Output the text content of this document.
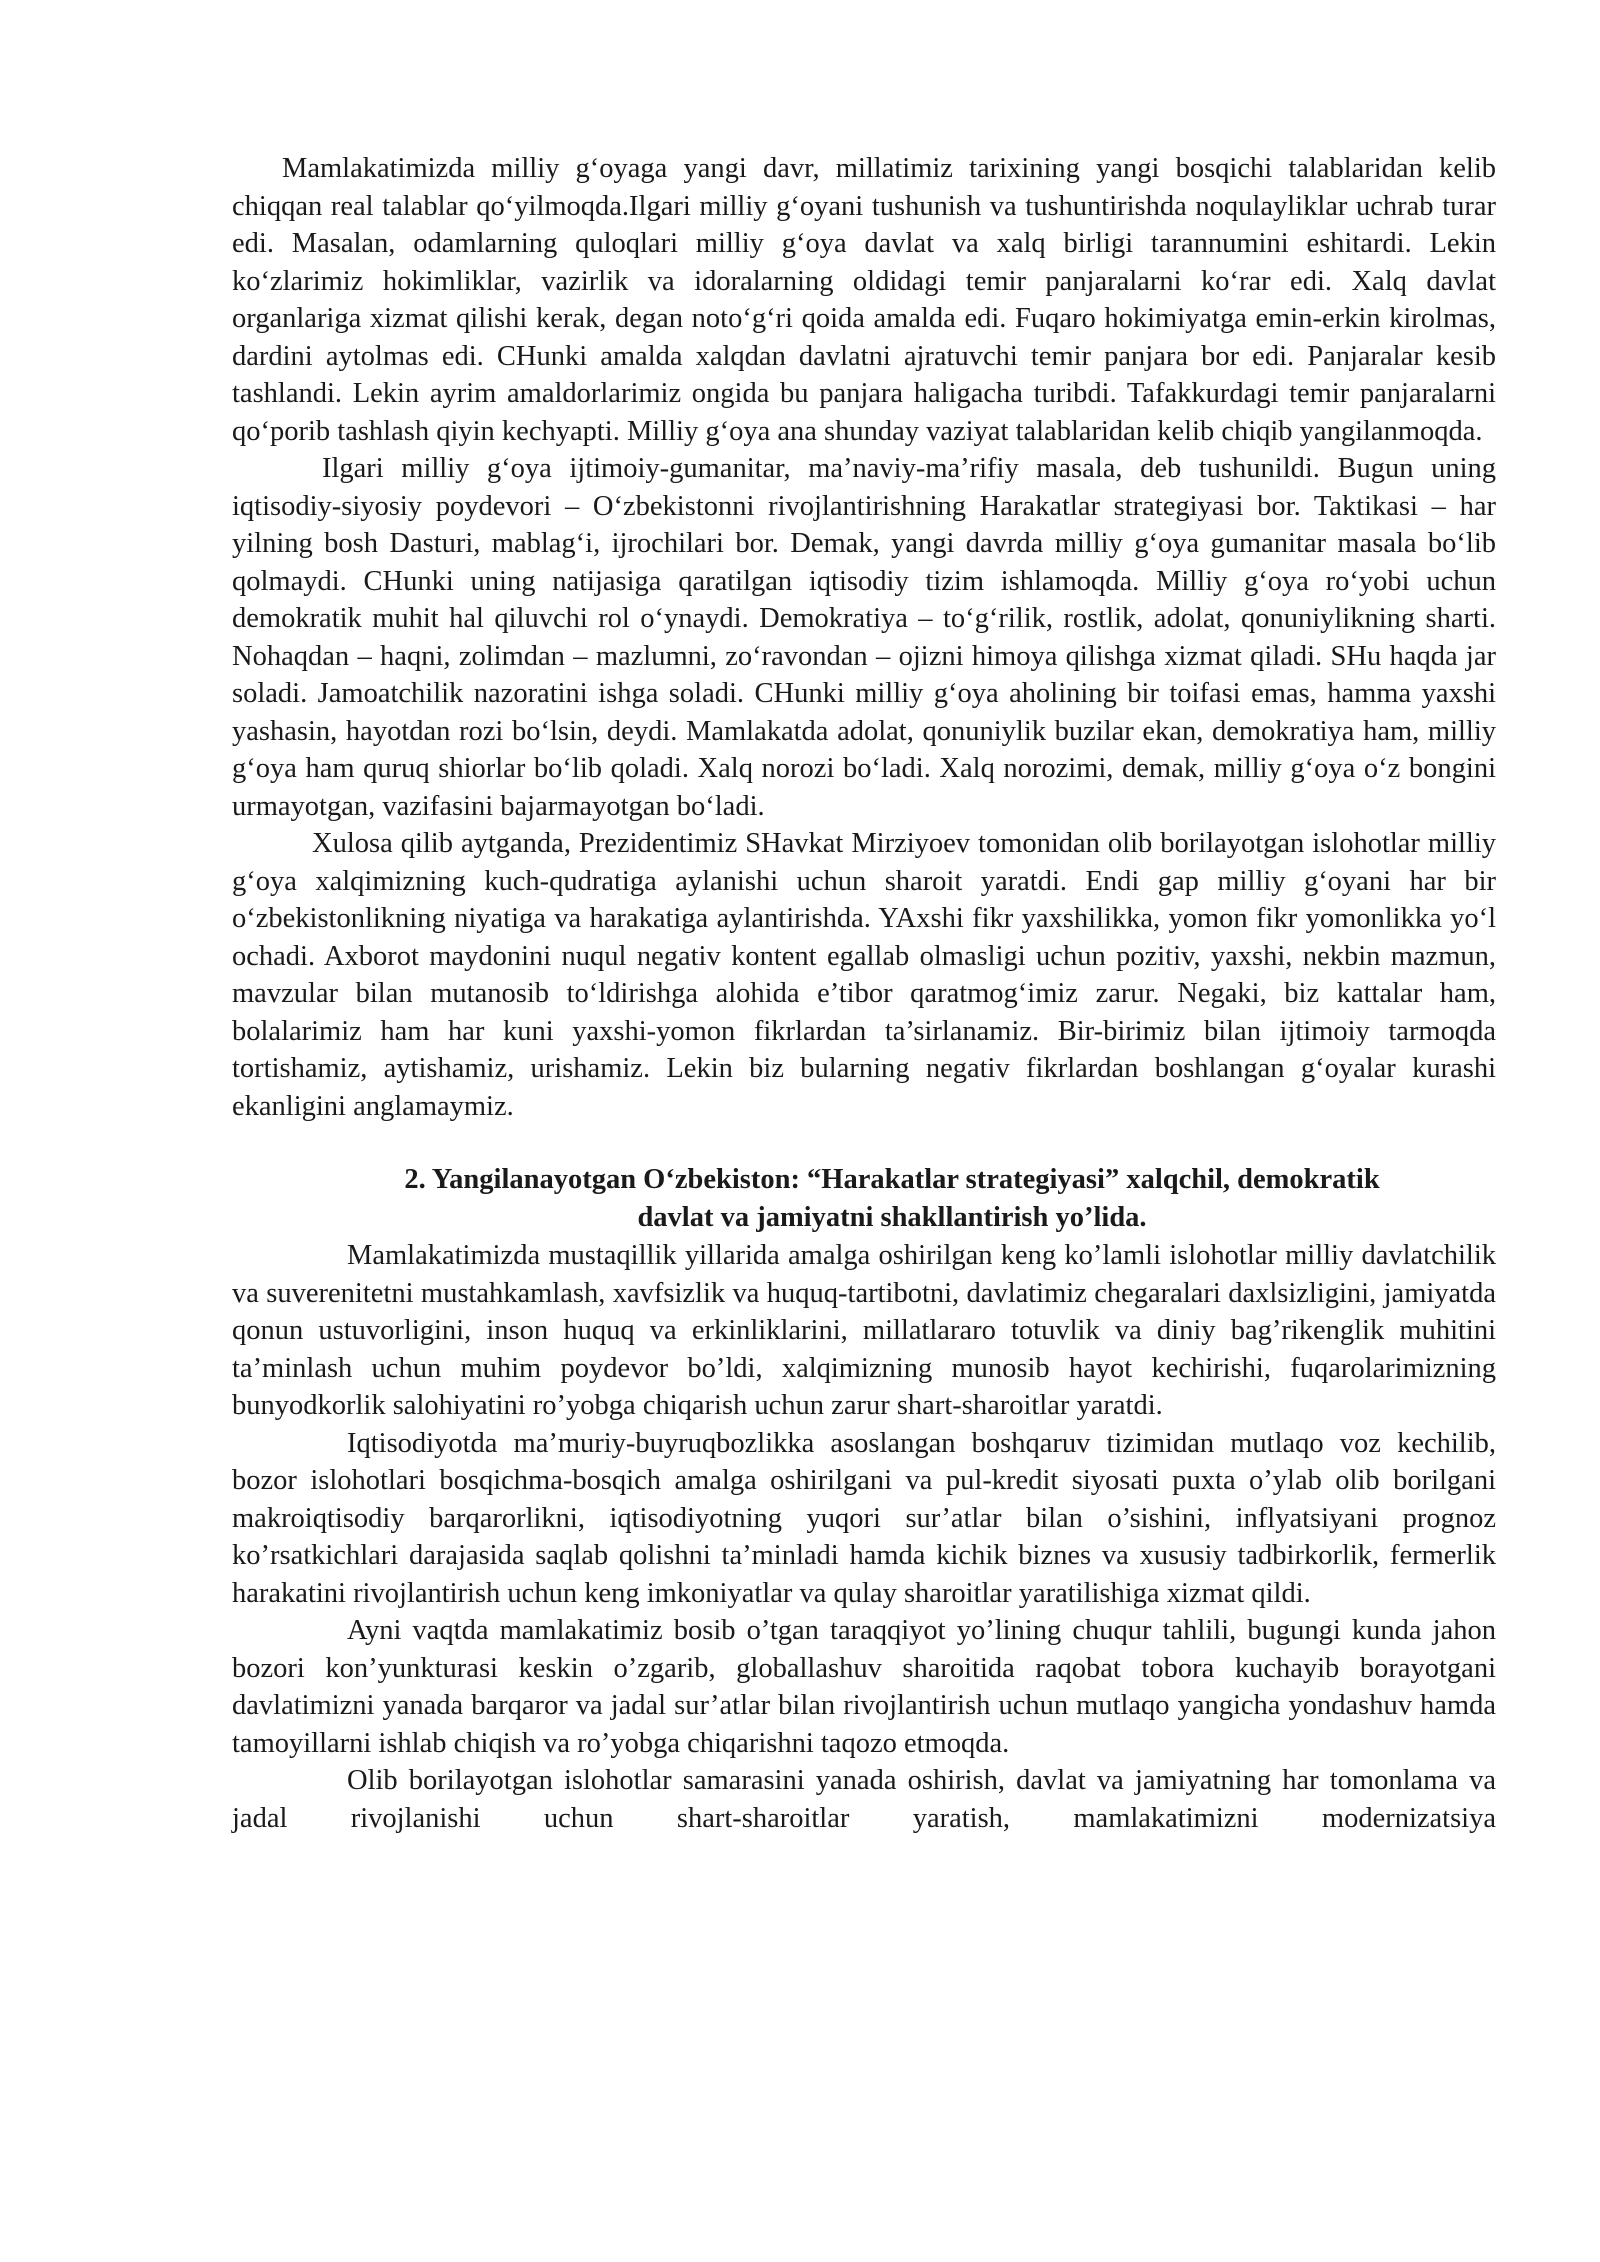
Mamlakatimizda milliy g‘oyaga yangi davr, millatimiz tarixining yangi bosqichi talablaridan kelib chiqqan real talablar qo‘yilmoqda.Ilgari milliy g‘oyani tushunish va tushuntirishda noqulayliklar uchrab turar edi. Masalan, odamlarning quloqlari milliy g‘oya davlat va xalq birligi tarannumini eshitardi. Lekin ko‘zlarimiz hokimliklar, vazirlik va idoralarning oldidagi temir panjaralarni ko‘rar edi. Xalq davlat organlariga xizmat qilishi kerak, degan noto‘g‘ri qoida amalda edi. Fuqaro hokimiyatga emin-erkin kirolmas, dardini aytolmas edi. CHunki amalda xalqdan davlatni ajratuvchi temir panjara bor edi. Panjaralar kesib tashlandi. Lekin ayrim amaldorlarimiz ongida bu panjara haligacha turibdi. Tafakkurdagi temir panjaralarni qo‘porib tashlash qiyin kechyapti. Milliy g‘oya ana shunday vaziyat talablaridan kelib chiqib yangilanmoqda.

Ilgari milliy g‘oya ijtimoiy-gumanitar, ma’naviy-ma’rifiy masala, deb tushunildi. Bugun uning iqtisodiy-siyosiy poydevori – O‘zbekistonni rivojlantirishning Harakatlar strategiyasi bor. Taktikasi – har yilning bosh Dasturi, mablag‘i, ijrochilari bor. Demak, yangi davrda milliy g‘oya gumanitar masala bo‘lib qolmaydi. CHunki uning natijasiga qaratilgan iqtisodiy tizim ishlamoqda. Milliy g‘oya ro‘yobi uchun demokratik muhit hal qiluvchi rol o‘ynaydi. Demokratiya – to‘g‘rilik, rostlik, adolat, qonuniylikning sharti. Nohaqdan – haqni, zolimdan – mazlumni, zo‘ravondan – ojizni himoya qilishga xizmat qiladi. SHu haqda jar soladi. Jamoatchilik nazoratini ishga soladi. CHunki milliy g‘oya aholining bir toifasi emas, hamma yaxshi yashasin, hayotdan rozi bo‘lsin, deydi. Mamlakatda adolat, qonuniylik buzilar ekan, demokratiya ham, milliy g‘oya ham quruq shiorlar bo‘lib qoladi. Xalq norozi bo‘ladi. Xalq norozimi, demak, milliy g‘oya o‘z bongini urmayotgan, vazifasini bajarmayotgan bo‘ladi.

Xulosa qilib aytganda, Prezidentimiz SHavkat Mirziyoev tomonidan olib borilayotgan islohotlar milliy g‘oya xalqimizning kuch-qudratiga aylanishi uchun sharoit yaratdi. Endi gap milliy g‘oyani har bir o‘zbekistonlikning niyatiga va harakatiga aylantirishda. YAxshi fikr yaxshilikka, yomon fikr yomonlikka yo‘l ochadi. Axborot maydonini nuqul negativ kontent egallab olmasligi uchun pozitiv, yaxshi, nekbin mazmun, mavzular bilan mutanosib to‘ldirishga alohida e’tibor qaratmog‘imiz zarur. Negaki, biz kattalar ham, bolalarimiz ham har kuni yaxshi-yomon fikrlardan ta’sirlanamiz. Bir-birimiz bilan ijtimoiy tarmoqda tortishamiz, aytishamiz, urishamiz. Lekin biz bularning negativ fikrlardan boshlangan g‘oyalar kurashi ekanligini anglamaymiz.

2. Yangilanayotgan O‘zbekiston: “Harakatlar strategiyasi” xalqchil, demokratik
davlat va jamiyatni shakllantirish yo’lida.

Mamlakatimizda mustaqillik yillarida amalga oshirilgan keng ko’lamli islohotlar milliy davlatchilik va suverenitetni mustahkamlash, xavfsizlik va huquq-tartibotni, davlatimiz chegaralari daxlsizligini, jamiyatda qonun ustuvorligini, inson huquq va erkinliklarini, millatlararo totuvlik va diniy bag’rikenglik muhitini ta’minlash uchun muhim poydevor bo’ldi, xalqimizning munosib hayot kechirishi, fuqarolarimizning bunyodkorlik salohiyatini ro’yobga chiqarish uchun zarur shart-sharoitlar yaratdi.

Iqtisodiyotda ma’muriy-buyruqbozlikka asoslangan boshqaruv tizimidan mutlaqo voz kechilib, bozor islohotlari bosqichma-bosqich amalga oshirilgani va pul-kredit siyosati puxta o’ylab olib borilgani makroiqtisodiy barqarorlikni, iqtisodiyotning yuqori sur’atlar bilan o’sishini, inflyatsiyani prognoz ko’rsatkichlari darajasida saqlab qolishni ta’minladi hamda kichik biznes va xususiy tadbirkorlik, fermerlik harakatini rivojlantirish uchun keng imkoniyatlar va qulay sharoitlar yaratilishiga xizmat qildi.

Ayni vaqtda mamlakatimiz bosib o’tgan taraqqiyot yo’lining chuqur tahlili, bugungi kunda jahon bozori kon’yunkturasi keskin o’zgarib, globallashuv sharoitida raqobat tobora kuchayib borayotgani davlatimizni yanada barqaror va jadal sur’atlar bilan rivojlantirish uchun mutlaqo yangicha yondashuv hamda tamoyillarni ishlab chiqish va ro’yobga chiqarishni taqozo etmoqda.

Olib borilayotgan islohotlar samarasini yanada oshirish, davlat va jamiyatning har tomonlama va jadal rivojlanishi uchun shart-sharoitlar yaratish, mamlakatimizni modernizatsiya
